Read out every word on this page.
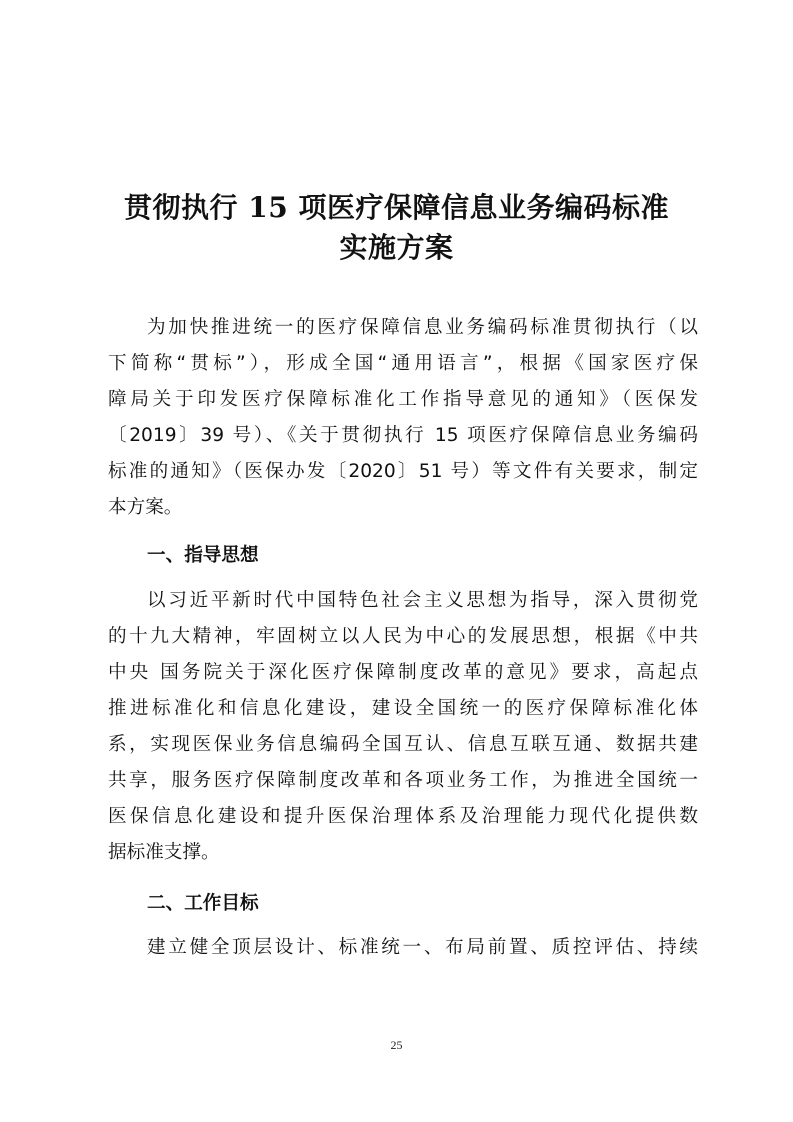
贯彻执行 15 项医疗保障信息业务编码标准
实施方案
为加快推进统一的医疗保障信息业务编码标准贯彻执行（以
下简称“贯标”），形成全国“通用语言”，根据《国家医疗保
障局关于印发医疗保障标准化工作指导意见的通知》（医保发
〔2019〕39 号）、《关于贯彻执行 15 项医疗保障信息业务编码
标准的通知》（医保办发〔2020〕51 号）等文件有关要求，制定
本方案。
一、指导思想
以习近平新时代中国特色社会主义思想为指导，深入贯彻党
的十九大精神，牢固树立以人民为中心的发展思想，根据《中共
中央 国务院关于深化医疗保障制度改革的意见》要求，高起点
推进标准化和信息化建设，建设全国统一的医疗保障标准化体
系，实现医保业务信息编码全国互认、信息互联互通、数据共建
共享，服务医疗保障制度改革和各项业务工作，为推进全国统一
医保信息化建设和提升医保治理体系及治理能力现代化提供数
据标准支撑。
二、工作目标
建立健全顶层设计、标准统一、布局前置、质控评估、持续
25
